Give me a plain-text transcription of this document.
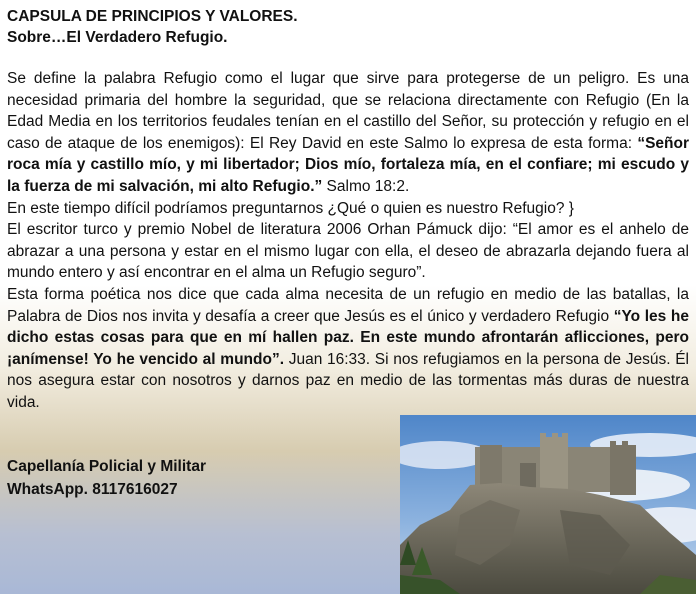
CAPSULA DE PRINCIPIOS Y VALORES.
Sobre…El Verdadero Refugio.

Se define la palabra Refugio como el lugar que sirve para protegerse de un peligro. Es una necesidad primaria del hombre la seguridad, que se relaciona directamente con Refugio (En la Edad Media en los territorios feudales tenían en el castillo del Señor, su protección y refugio en el caso de ataque de los enemigos): El Rey David en este Salmo lo expresa de esta forma: “Señor roca mía y castillo mío, y mi libertador; Dios mío, fortaleza mía, en el confiare; mi escudo y la fuerza de mi salvación, mi alto Refugio.” Salmo 18:2.

En este tiempo difícil podríamos preguntarnos ¿Qué o quien es nuestro Refugio? }

El escritor turco y premio Nobel de literatura 2006 Orhan Pámuck dijo: “El amor es el anhelo de abrazar a una persona y estar en el mismo lugar con ella, el deseo de abrazarla dejando fuera al mundo entero y así encontrar en el alma un Refugio seguro”.

Esta forma poética nos dice que cada alma necesita de un refugio en medio de las batallas, la Palabra de Dios nos invita y desafía a creer que Jesús es el único y verdadero Refugio “Yo les he dicho estas cosas para que en mí hallen paz. En este mundo afrontarán aflicciones, pero ¡anímense! Yo he vencido al mundo”. Juan 16:33. Si nos refugiamos en la persona de Jesús. Él nos asegura estar con nosotros y darnos paz en medio de las tormentas más duras de nuestra vida.

Capellanía Policial y Militar
WhatsApp. 8117616027
